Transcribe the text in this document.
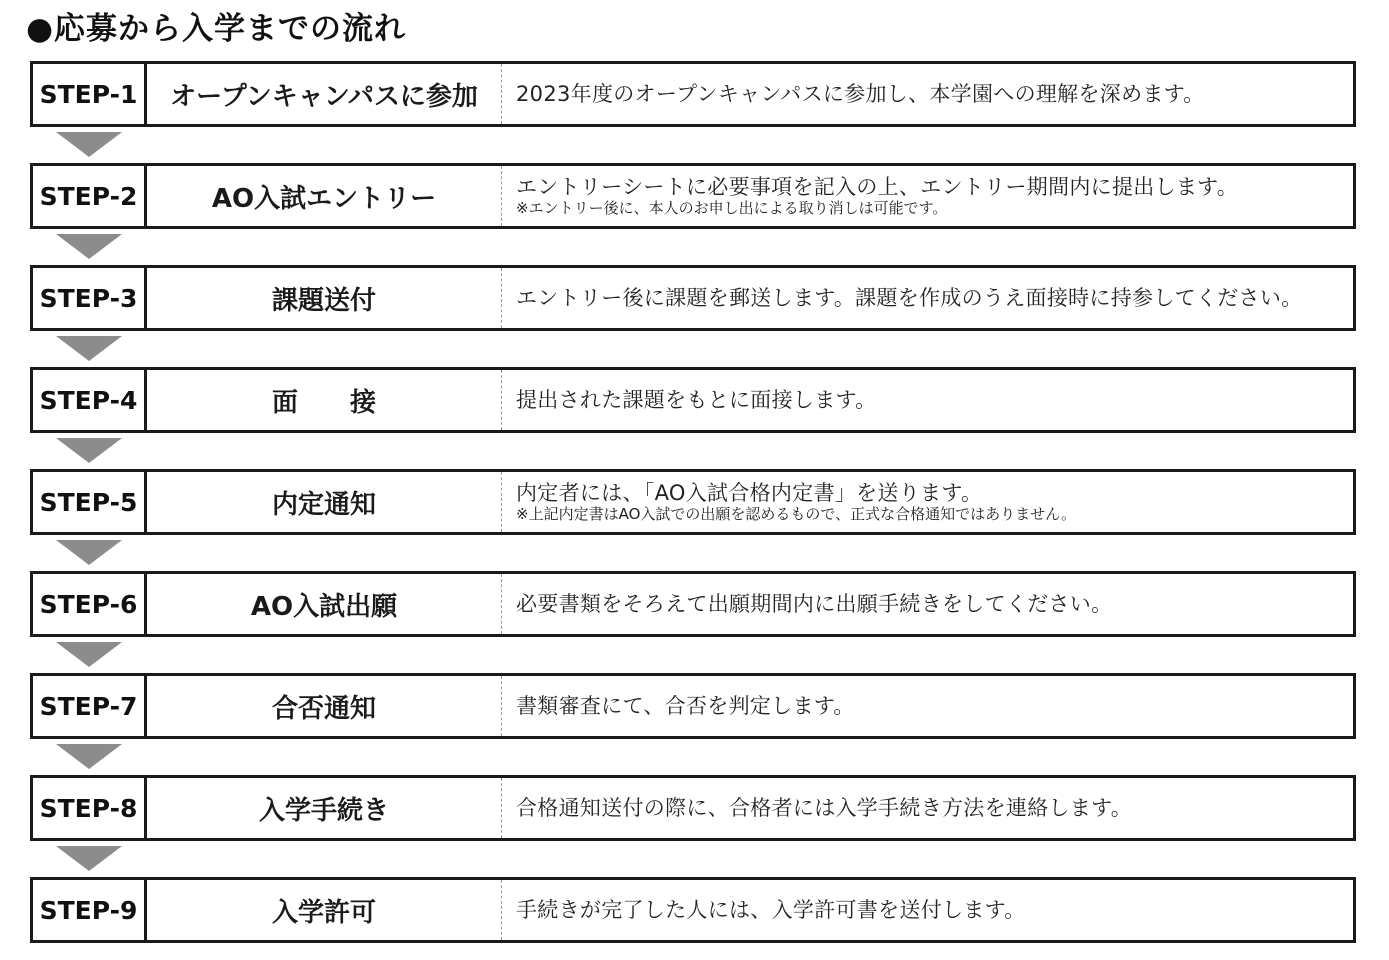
●応募から入学までの流れ
STEP-1	オープンキャンパスに参加	2023年度のオープンキャンパスに参加し、本学園への理解を深めます。
STEP-2	AO入試エントリー	エントリーシートに必要事項を記入の上、エントリー期間内に提出します。
※エントリー後に、本人のお申し出による取り消しは可能です。
STEP-3	課題送付	エントリー後に課題を郵送します。課題を作成のうえ面接時に持参してください。
STEP-4	面　　接	提出された課題をもとに面接します。
STEP-5	内定通知	内定者には、「AO入試合格内定書」を送ります。
※上記内定書はAO入試での出願を認めるもので、正式な合格通知ではありません。
STEP-6	AO入試出願	必要書類をそろえて出願期間内に出願手続きをしてください。
STEP-7	合否通知	書類審査にて、合否を判定します。
STEP-8	入学手続き	合格通知送付の際に、合格者には入学手続き方法を連絡します。
STEP-9	入学許可	手続きが完了した人には、入学許可書を送付します。
